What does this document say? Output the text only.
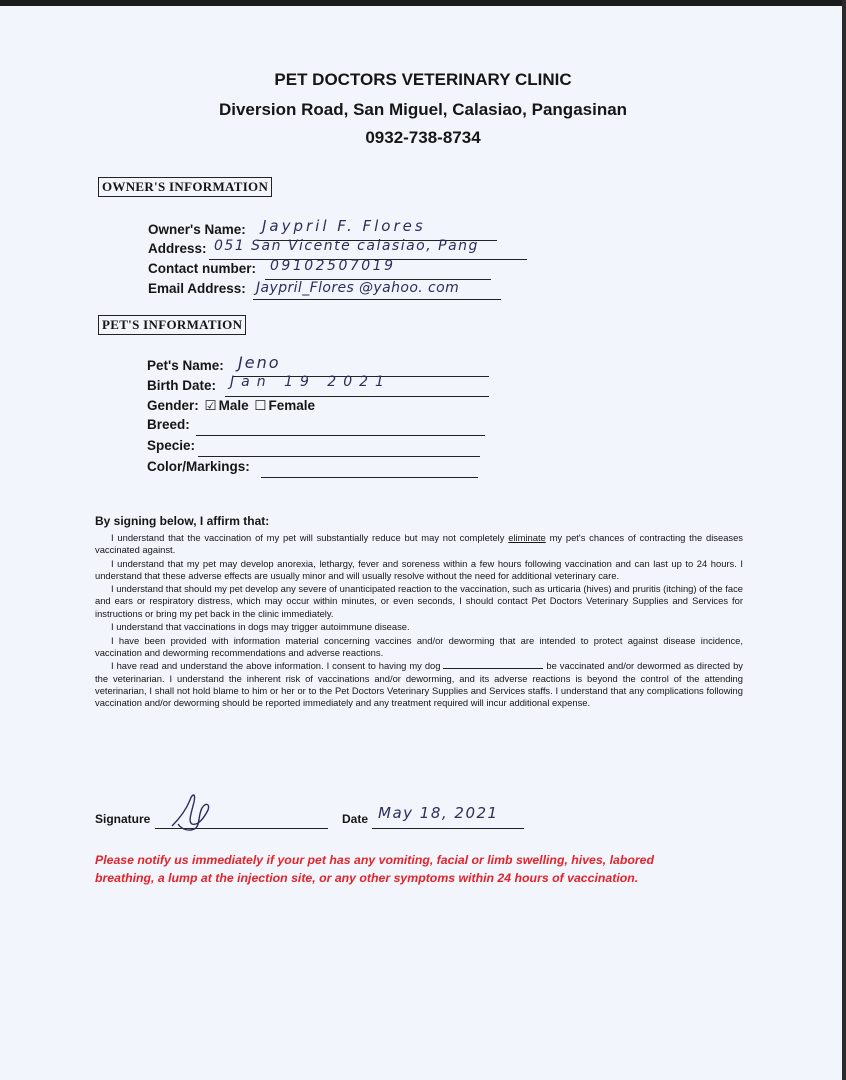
PET DOCTORS VETERINARY CLINIC
Diversion Road, San Miguel, Calasiao, Pangasinan
0932-738-8734
OWNER'S INFORMATION
Owner's Name: Jaypril F. Flores
Address: 051 San Vicente calasiao, Pang
Contact number: 09102507019
Email Address: Jaypril_Flores @yahoo. com
PET'S INFORMATION
Pet's Name: Jeno
Birth Date: Jan 19 2021
Gender: ☑ Male ☐ Female
Breed:
Specie:
Color/Markings:
By signing below, I affirm that:

I understand that the vaccination of my pet will substantially reduce but may not completely eliminate my pet's chances of contracting the diseases vaccinated against.

I understand that my pet may develop anorexia, lethargy, fever and soreness within a few hours following vaccination and can last up to 24 hours. I understand that these adverse effects are usually minor and will usually resolve without the need for additional veterinary care.

I understand that should my pet develop any severe of unanticipated reaction to the vaccination, such as urticaria (hives) and pruritis (itching) of the face and ears or respiratory distress, which may occur within minutes, or even seconds, I should contact Pet Doctors Veterinary Supplies and Services for instructions or bring my pet back in the clinic immediately.

I understand that vaccinations in dogs may trigger autoimmune disease.

I have been provided with information material concerning vaccines and/or deworming that are intended to protect against disease incidence, vaccination and deworming recommendations and adverse reactions.

I have read and understand the above information. I consent to having my dog	be vaccinated and/or dewormed as directed by the veterinarian. I understand the inherent risk of vaccinations and/or deworming, and its adverse reactions is beyond the control of the attending veterinarian, I shall not hold blame to him or her or to the Pet Doctors Veterinary Supplies and Services staffs. I understand that any complications following vaccination and/or deworming should be reported immediately and any treatment required will incur additional expense.

Signature	Date May 18, 2021
Please notify us immediately if your pet has any vomiting, facial or limb swelling, hives, labored breathing, a lump at the injection site, or any other symptoms within 24 hours of vaccination.
